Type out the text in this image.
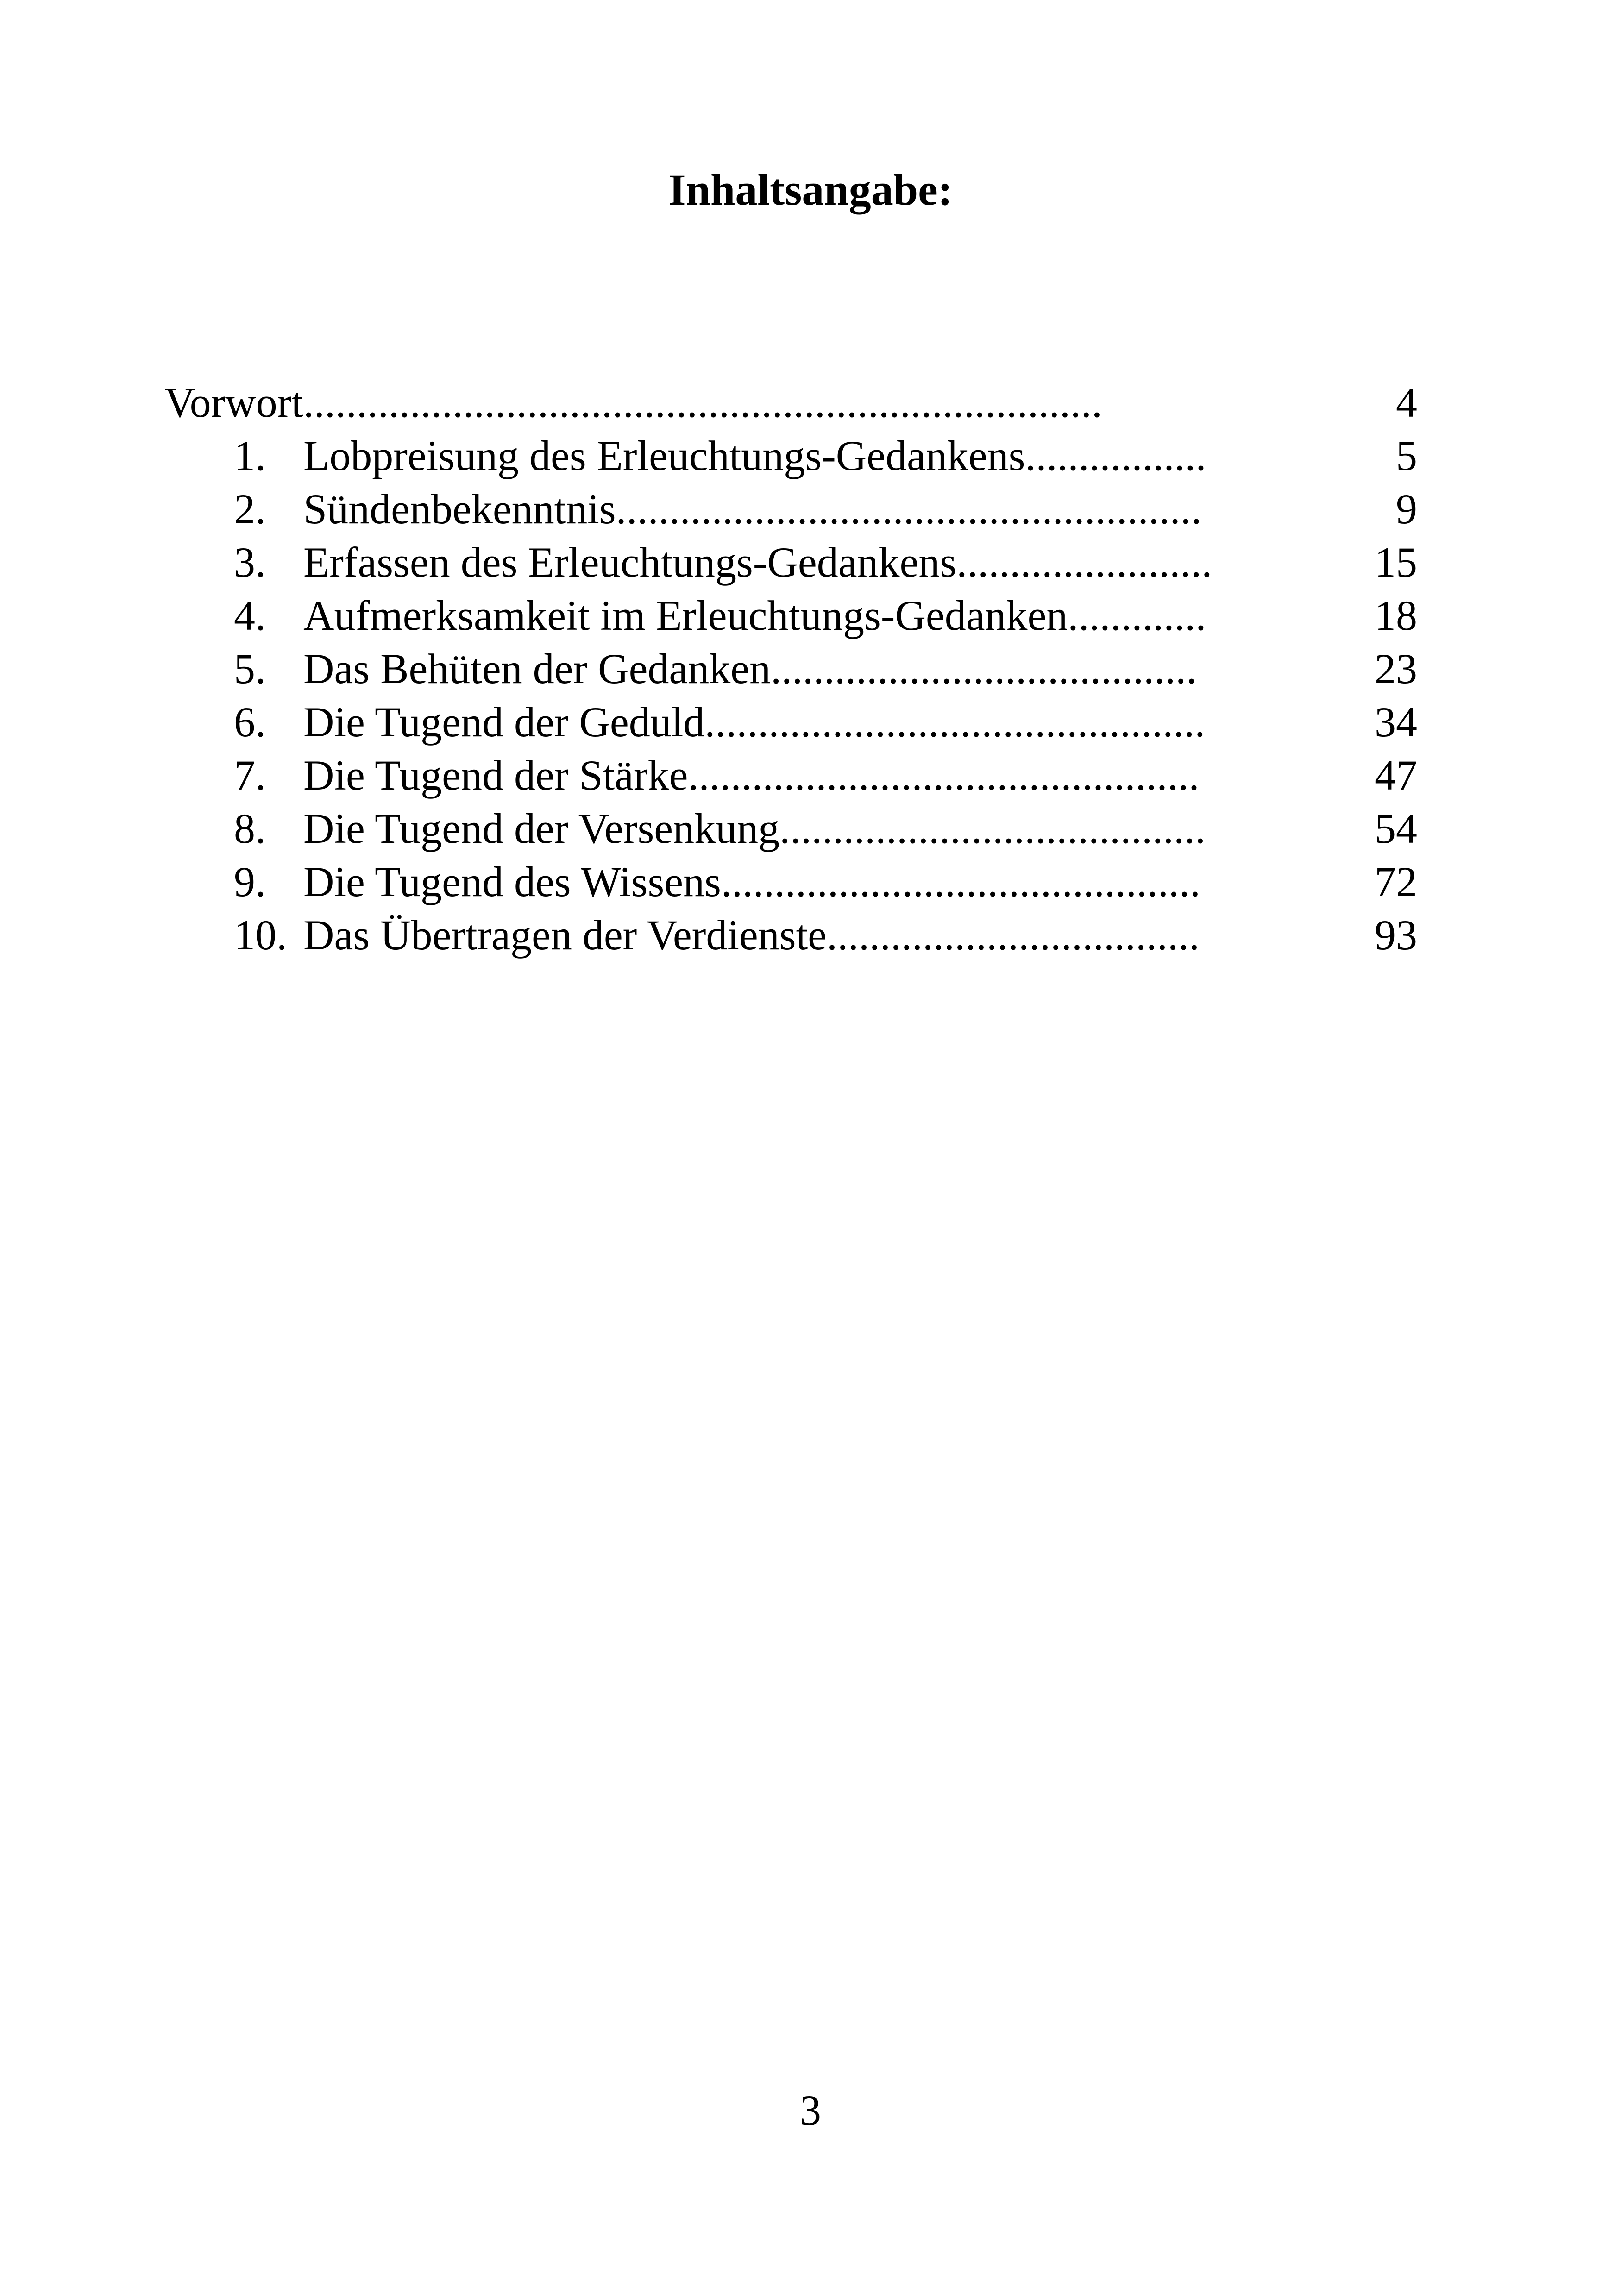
Inhaltsangabe:
Vorwort...........................................................................	4
1. Lobpreisung des Erleuchtungs-Gedankens.................	5
2. Sündenbekenntnis.......................................................	9
3. Erfassen des Erleuchtungs-Gedankens........................	15
4. Aufmerksamkeit im Erleuchtungs-Gedanken.............	18
5. Das Behüten der Gedanken........................................	23
6. Die Tugend der Geduld...............................................	34
7. Die Tugend der Stärke................................................	47
8. Die Tugend der Versenkung........................................	54
9. Die Tugend des Wissens.............................................	72
10. Das Übertragen der Verdienste...................................	93
3
